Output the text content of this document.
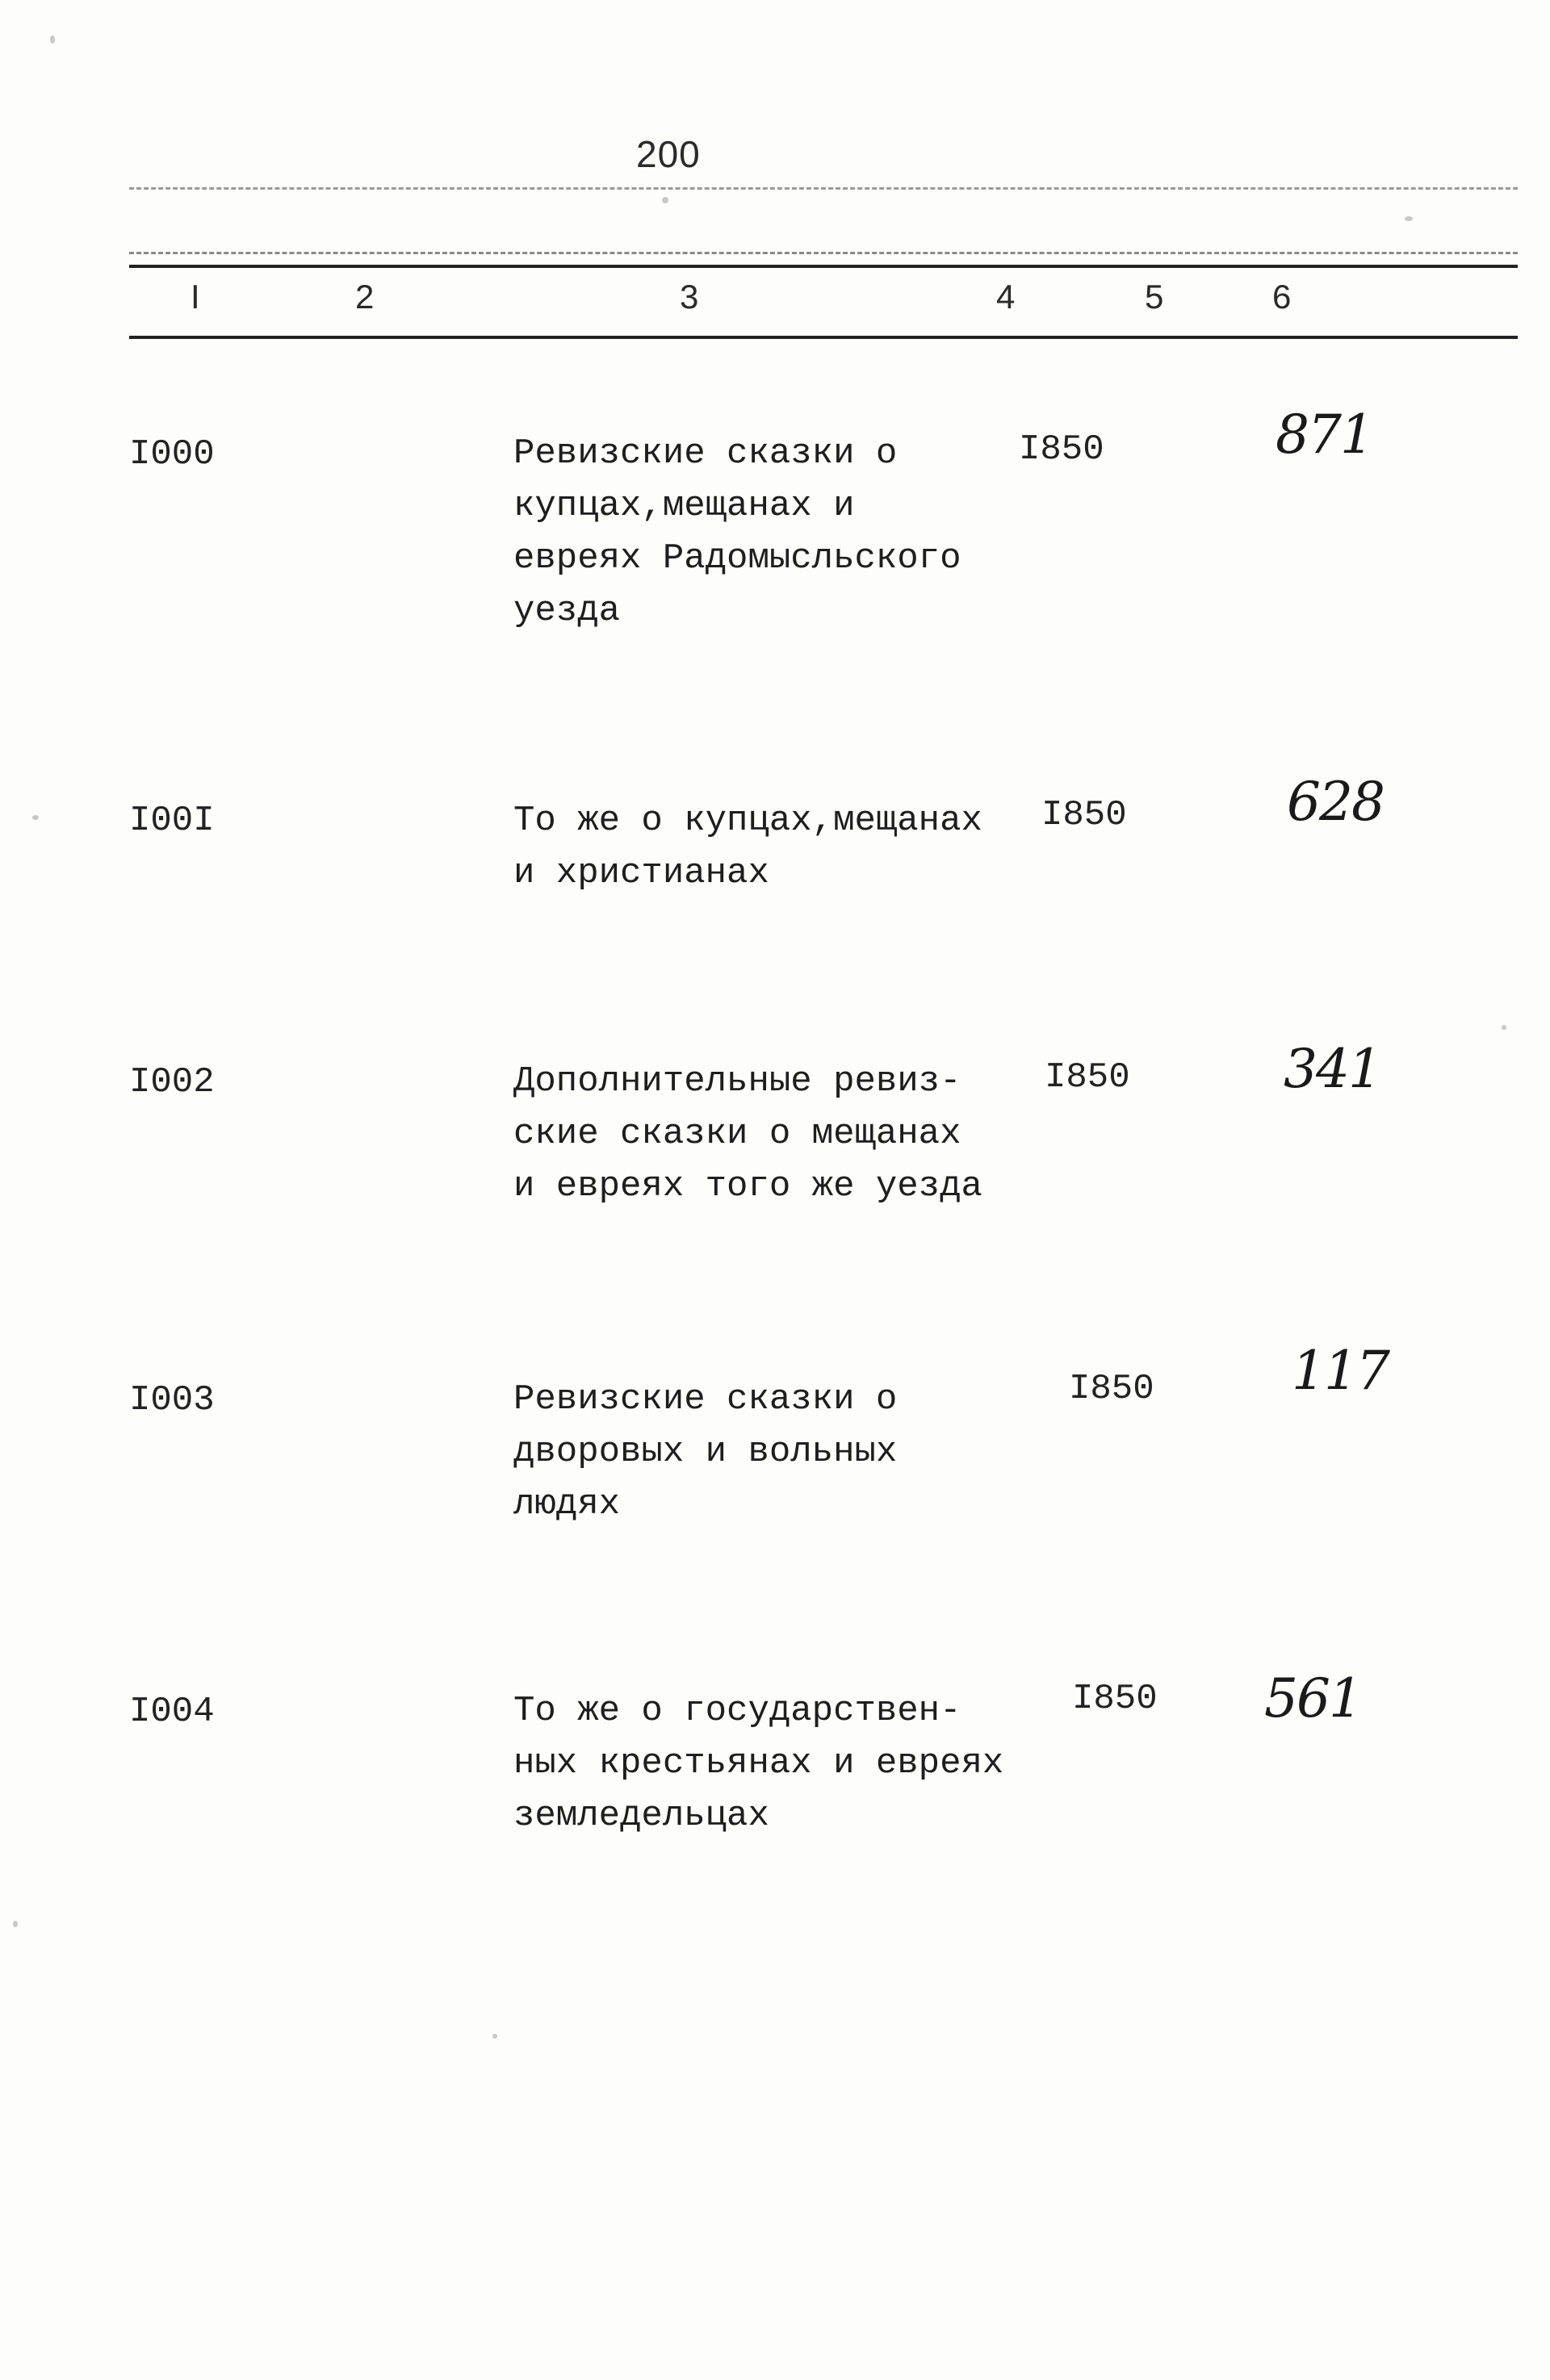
200
I	2	3	4	5	6
I000	Ревизские сказки о
купцах,мещанах и
евреях Радомысльского
уезда
I850	871
I00I	То же о купцах,мещанах
и христианах
I850	628
I002	Дополнительные ревиз-
ские сказки о мещанах
и евреях того же уезда
I850	341
I003	Ревизские сказки о
дворовых и вольных
людях
I850	117
I004	То же о государствен-
ных крестьянах и евреях
земледельцах
I850 561
